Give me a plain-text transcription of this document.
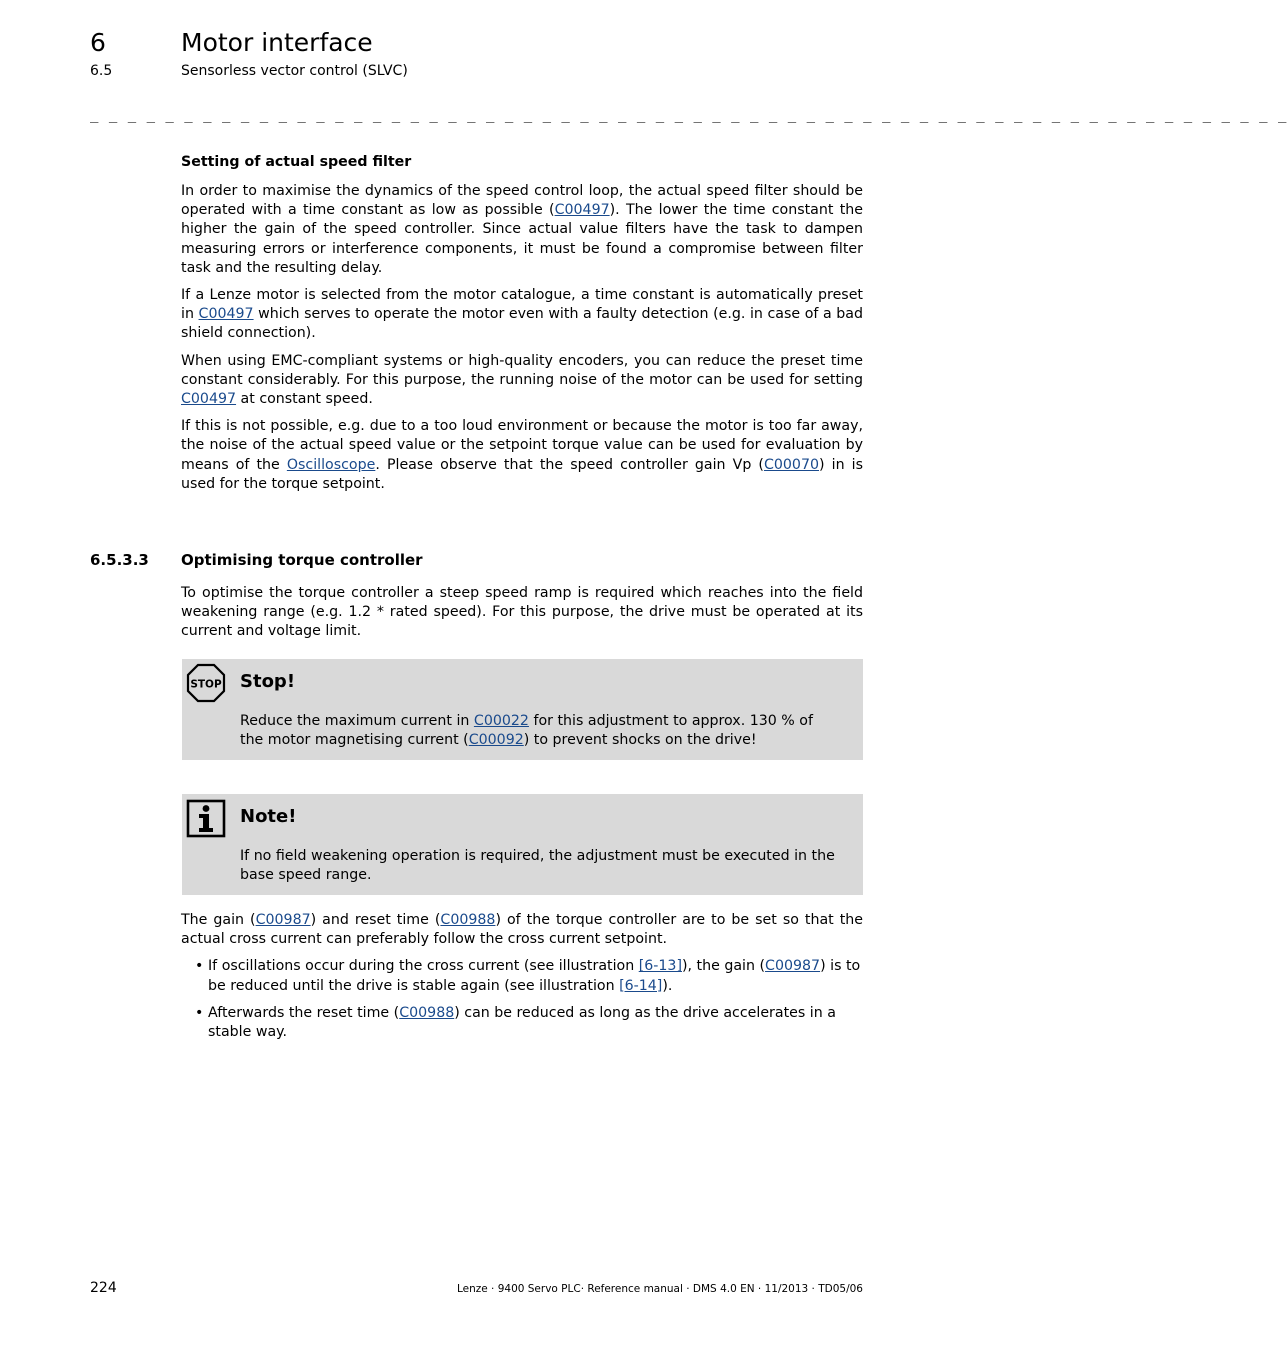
6	Motor interface
6.5	Sensorless vector control (SLVC)
_ _ _ _ _ _ _ _ _ _ _ _ _ _ _ _ _ _ _ _ _ _ _ _ _ _ _ _ _ _ _ _ _ _ _ _ _ _ _ _ _ _ _ _ _ _ _ _ _ _ _ _ _ _ _ _ _ _ _ _ _ _ _ _
Setting of actual speed filter

In order to maximise the dynamics of the speed control loop, the actual speed filter should be operated with a time constant as low as possible (C00497). The lower the time constant the higher the gain of the speed controller. Since actual value filters have the task to dampen measuring errors or interference components, it must be found a compromise between filter task and the resulting delay.

If a Lenze motor is selected from the motor catalogue, a time constant is automatically preset in C00497 which serves to operate the motor even with a faulty detection (e.g. in case of a bad shield connection).

When using EMC-compliant systems or high-quality encoders, you can reduce the preset time constant considerably. For this purpose, the running noise of the motor can be used for setting C00497 at constant speed.

If this is not possible, e.g. due to a too loud environment or because the motor is too far away, the noise of the actual speed value or the setpoint torque value can be used for evaluation by means of the Oscilloscope. Please observe that the speed controller gain Vp (C00070) in is used for the torque setpoint.

6.5.3.3 Optimising torque controller

To optimise the torque controller a steep speed ramp is required which reaches into the field weakening range (e.g. 1.2 * rated speed). For this purpose, the drive must be operated at its current and voltage limit.

STOP Stop!
Reduce the maximum current in C00022 for this adjustment to approx. 130 % of the motor magnetising current (C00092) to prevent shocks on the drive!
Note!
If no field weakening operation is required, the adjustment must be executed in the base speed range.

The gain (C00987) and reset time (C00988) of the torque controller are to be set so that the actual cross current can preferably follow the cross current setpoint.

• If oscillations occur during the cross current (see illustration [6-13]), the gain (C00987) is to be reduced until the drive is stable again (see illustration [6-14]).
• Afterwards the reset time (C00988) can be reduced as long as the drive accelerates in a stable way.
224	Lenze · 9400 Servo PLC· Reference manual · DMS 4.0 EN · 11/2013 · TD05/06
